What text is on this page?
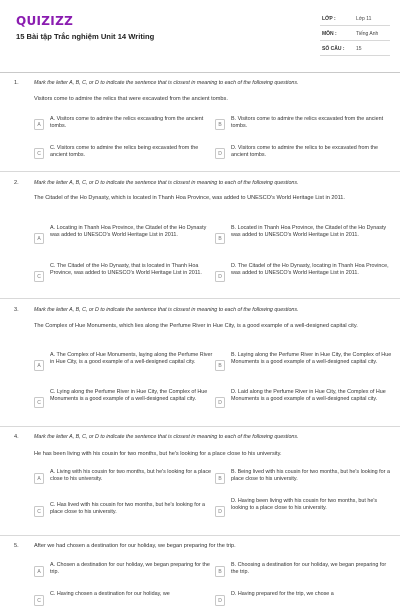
QUIZIZZ
15 Bài tập Trắc nghiệm Unit 14 Writing
LỚP :	Lớp 11
MÔN :	Tiếng Anh
SỐ CÂU : 15
1.	Mark the letter A, B, C, or D to indicate the sentence that is closest in meaning to each of the following questions.
Visitors come to admire the relics that were excavated from the ancient tombs.
A
A. Visitors come to admire the relics excavating from the ancient tombs.	B
B. Visitors come to admire the relics excavated from the ancient tombs.
C
C. Visitors come to admire the relics being excavated from the ancient tombs.	D
D. Visitors come to admire the relics to be excavated from the ancient tombs.
2.	Mark the letter A, B, C, or D to indicate the sentence that is closest in meaning to each of the following questions.
The Citadel of the Ho Dynasty, which is located in Thanh Hoa Province, was added to UNESCO's World Heritage List in 2011.
A
A. Locating in Thanh Hoa Province, the Citadel of the Ho Dynasty was added to UNESCO's World Heritage List in 2011.
B
B. Located in Thanh Hoa Province, the Citadel of the Ho Dynasty was added to UNESCO's World Heritage List in 2011.
C
C. The Citadel of the Ho Dynasty, that is located in Thanh Hoa Province, was added to UNESCO's World Heritage List in 2011.
D
D. The Citadel of the Ho Dynasty, locating in Thanh Hoa Province, was added to UNESCO's World Heritage List in 2011.
3.	Mark the letter A, B, C, or D to indicate the sentence that is closest in meaning to each of the following questions.
The Complex of Hue Monuments, which lies along the Perfume River in Hue City, is a good example of a well-designed capital city.
A
A. The Complex of Hue Monuments, laying along the Perfume River in Hue City, is a good example of a well-designed capital city.
B
B. Laying along the Perfume River in Hue City, the Complex of Hue Monuments is a good example of a well-designed capital city.
C
C. Lying along the Perfume River in Hue City, the Complex of Hue Monuments is a good example of a well-designed capital city.
D
D. Laid along the Perfume River in Hue City, the Complex of Hue Monuments is a good example of a well-designed capital city.
4.	Mark the letter A, B, C, or D to indicate the sentence that is closest in meaning to each of the following questions.
He has been living with his cousin for two months, but he's looking for a place close to his university.
A
A. Living with his cousin for two months, but he's looking for a place close to his university.	B
B. Being lived with his cousin for two months, but he's looking for a place close to his university.
C
C. Has lived with his cousin for two months, but he's looking for a place close to his university.	D
D. Having been living with his cousin for two months, but he's looking to a place close to his university.
5.	After we had chosen a destination for our holiday, we began preparing for the trip.
A
A. Chosen a destination for our holiday, we began preparing for the trip.	B
B. Choosing a destination for our holiday, we began preparing for the trip.
C
C. Having chosen a destination for our holiday, we
D
D. Having prepared for the trip, we chose a
